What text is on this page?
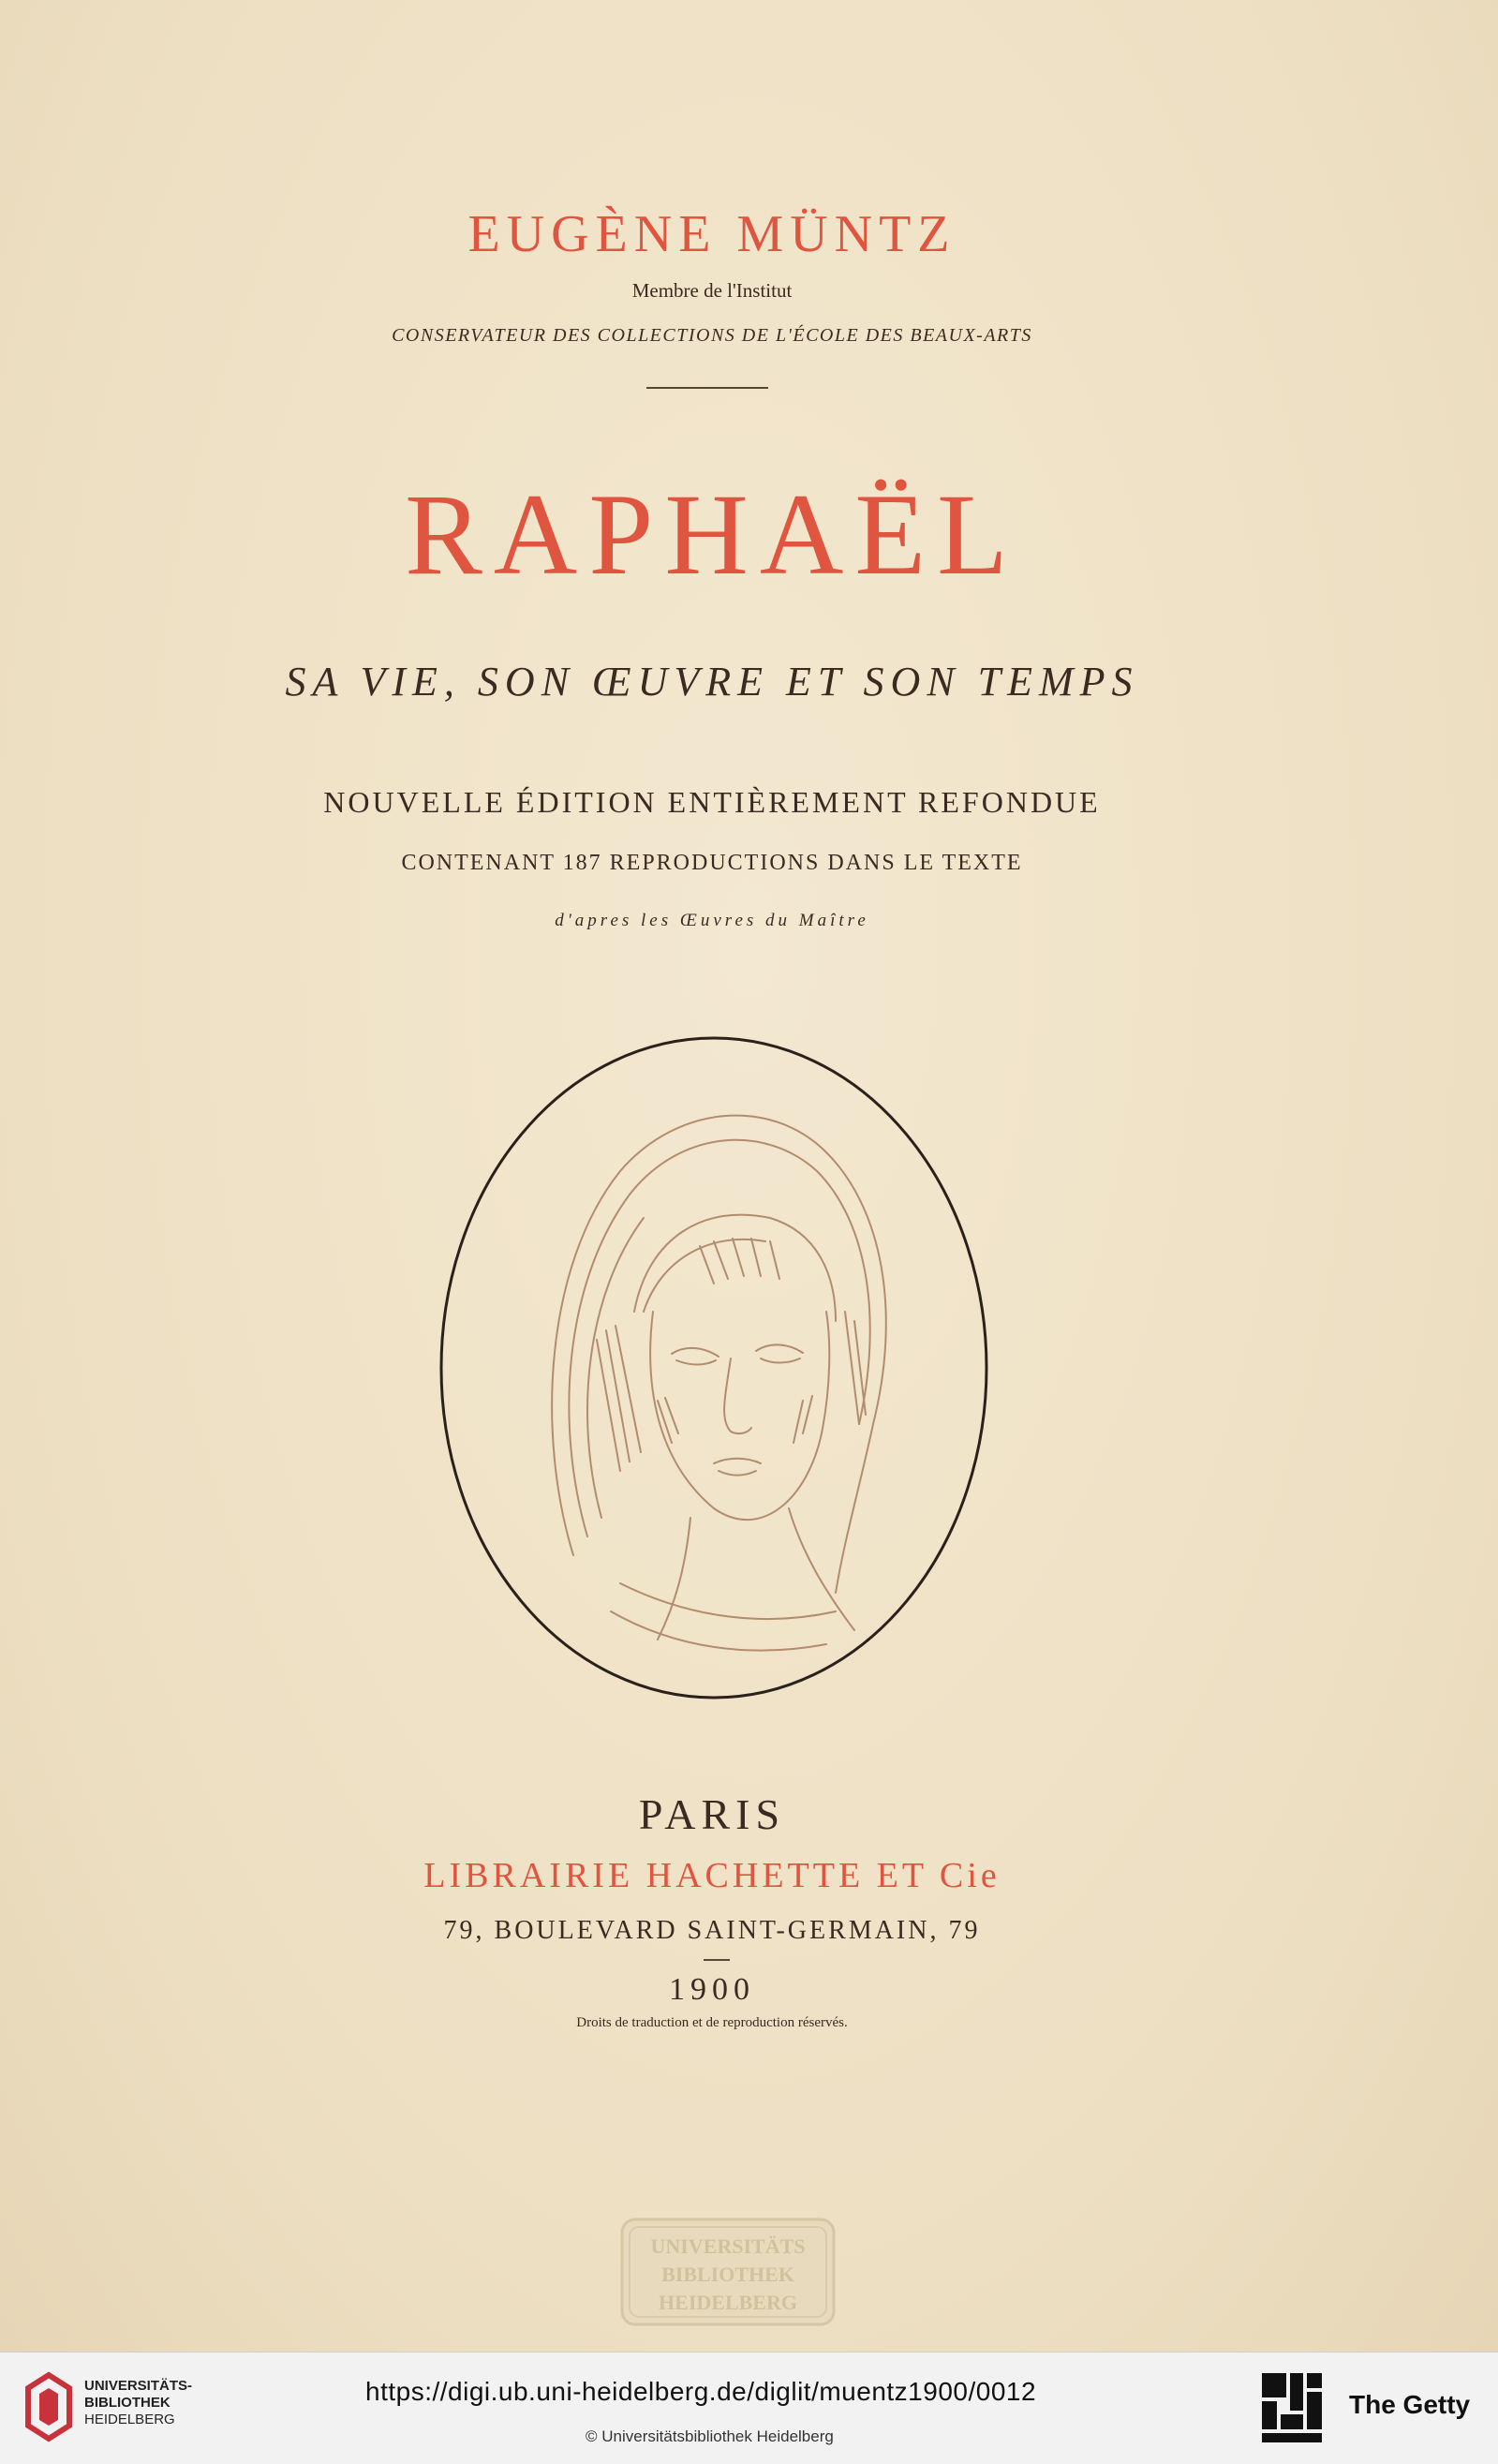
EUGÈNE MÜNTZ
Membre de l'Institut
CONSERVATEUR DES COLLECTIONS DE L'ÉCOLE DES BEAUX-ARTS
RAPHAËL
SA VIE, SON ŒUVRE ET SON TEMPS
NOUVELLE ÉDITION ENTIÈREMENT REFONDUE
CONTENANT 187 REPRODUCTIONS DANS LE TEXTE
d'apres les Œuvres du Maître
PARIS
LIBRAIRIE HACHETTE ET Cie
79, BOULEVARD SAINT-GERMAIN, 79
1900
Droits de traduction et de reproduction réservés.
UNIVERSITÄTS
BIBLIOTHEK
HEIDELBERG
UNIVERSITÄTS-
BIBLIOTHEK
HEIDELBERG
https://digi.ub.uni-heidelberg.de/diglit/muentz1900/0012
© Universitätsbibliothek Heidelberg
The Getty
